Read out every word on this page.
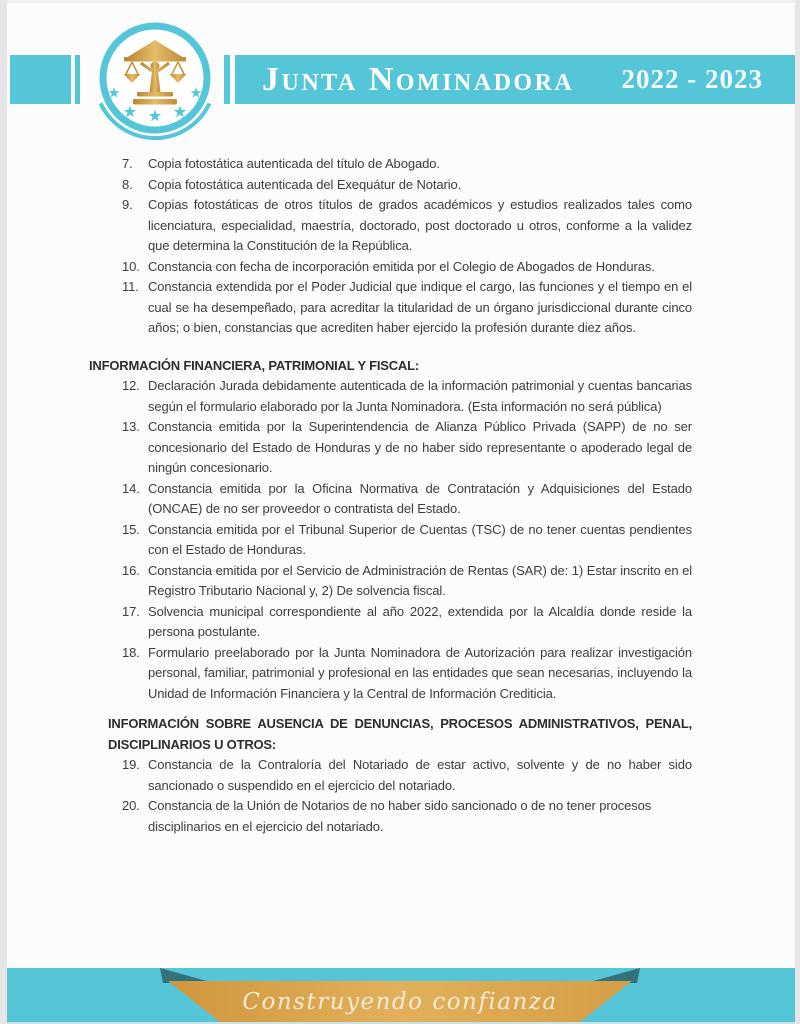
Junta Nominadora 2022 - 2023
7.	Copia fotostática autenticada del título de Abogado.
8.	Copia fotostática autenticada del Exequátur de Notario.
9.	Copias fotostáticas de otros títulos de grados académicos y estudios realizados tales como licenciatura, especialidad, maestría, doctorado, post doctorado u otros, conforme a la validez que determina la Constitución de la República.
10. Constancia con fecha de incorporación emitida por el Colegio de Abogados de Honduras.
11. Constancia extendida por el Poder Judicial que indique el cargo, las funciones y el tiempo en el cual se ha desempeñado, para acreditar la titularidad de un órgano jurisdiccional durante cinco años; o bien, constancias que acrediten haber ejercido la profesión durante diez años.
INFORMACIÓN FINANCIERA, PATRIMONIAL Y FISCAL:
12. Declaración Jurada debidamente autenticada de la información patrimonial y cuentas bancarias según el formulario elaborado por la Junta Nominadora. (Esta información no será pública)
13. Constancia emitida por la Superintendencia de Alianza Público Privada (SAPP) de no ser concesionario del Estado de Honduras y de no haber sido representante o apoderado legal de ningún concesionario.
14. Constancia emitida por la Oficina Normativa de Contratación y Adquisiciones del Estado (ONCAE) de no ser proveedor o contratista del Estado.
15. Constancia emitida por el Tribunal Superior de Cuentas (TSC) de no tener cuentas pendientes con el Estado de Honduras.
16. Constancia emitida por el Servicio de Administración de Rentas (SAR) de: 1) Estar inscrito en el Registro Tributario Nacional y, 2) De solvencia fiscal.
17. Solvencia municipal correspondiente al año 2022, extendida por la Alcaldía donde reside la persona postulante.
18. Formulario preelaborado por la Junta Nominadora de Autorización para realizar investigación personal, familiar, patrimonial y profesional en las entidades que sean necesarias, incluyendo la Unidad de Información Financiera y la Central de Información Crediticia.
INFORMACIÓN SOBRE AUSENCIA DE DENUNCIAS, PROCESOS ADMINISTRATIVOS, PENAL, DISCIPLINARIOS U OTROS:
19. Constancia de la Contraloría del Notariado de estar activo, solvente y de no haber sido sancionado o suspendido en el ejercicio del notariado.
20. Constancia de la Unión de Notarios de no haber sido sancionado o de no tener procesos disciplinarios en el ejercicio del notariado.
Construyendo confianza
